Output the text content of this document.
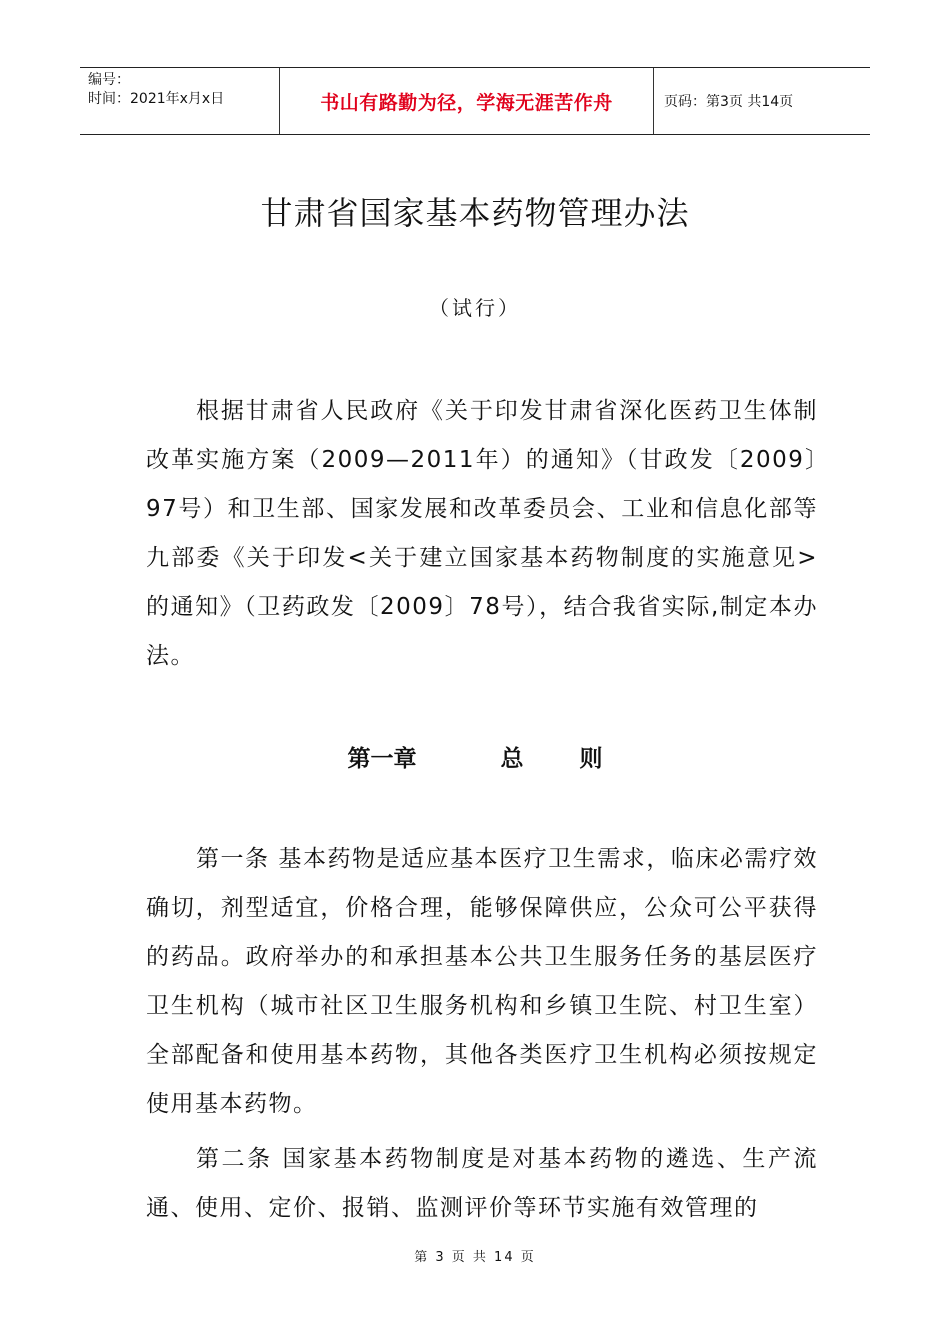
编号：
时间：2021年x月x日	书山有路勤为径，学海无涯苦作舟	页码：第3页 共14页
甘肃省国家基本药物管理办法
（试行）

根据甘肃省人民政府《关于印发甘肃省深化医药卫生体制改革实施方案（2009—2011年）的通知》（甘政发〔2009〕97号）和卫生部、国家发展和改革委员会、工业和信息化部等九部委《关于印发<关于建立国家基本药物制度的实施意见>的通知》（卫药政发〔2009〕78号），结合我省实际,制定本办法。

第一章   总  则

第一条 基本药物是适应基本医疗卫生需求，临床必需疗效确切，剂型适宜，价格合理，能够保障供应，公众可公平获得的药品。政府举办的和承担基本公共卫生服务任务的基层医疗卫生机构（城市社区卫生服务机构和乡镇卫生院、村卫生室）全部配备和使用基本药物，其他各类医疗卫生机构必须按规定使用基本药物。

第二条 国家基本药物制度是对基本药物的遴选、生产流通、使用、定价、报销、监测评价等环节实施有效管理的

第 3 页 共 14 页
